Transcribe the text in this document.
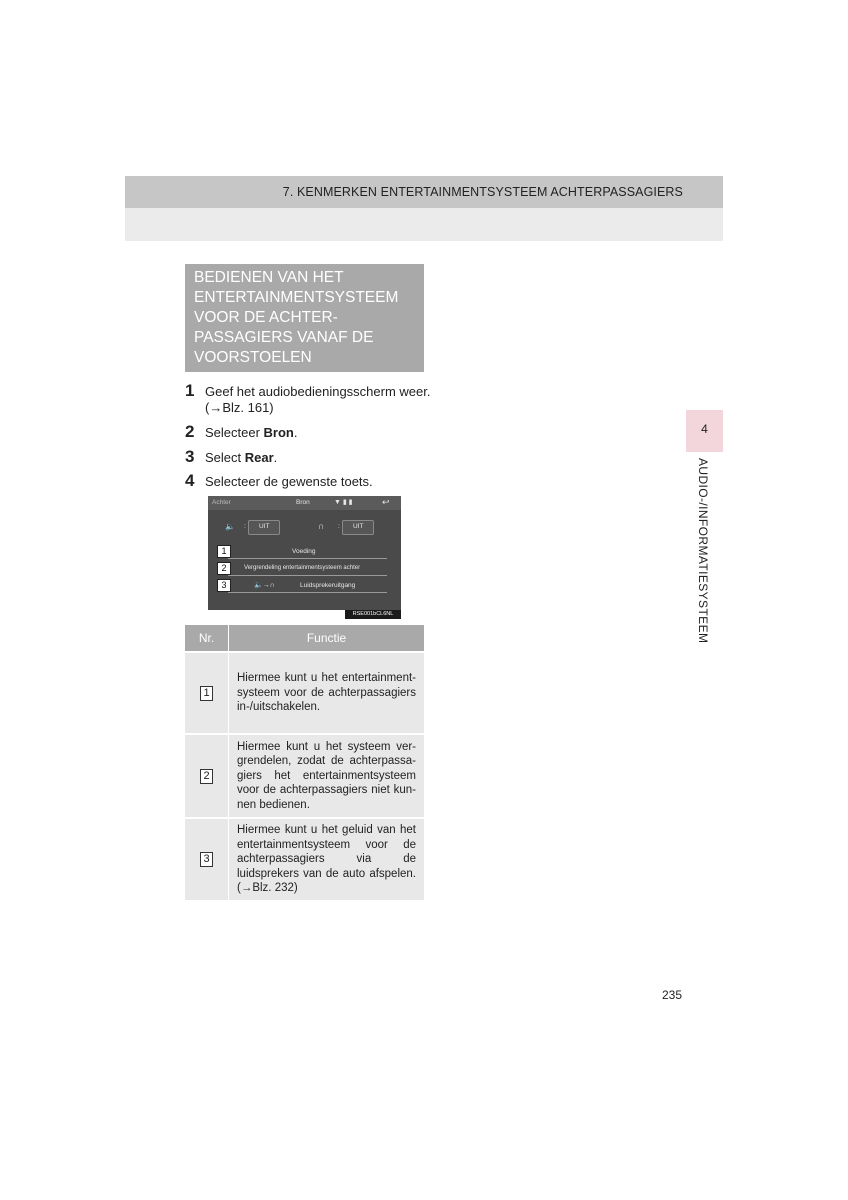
7. KENMERKEN ENTERTAINMENTSYSTEEM ACHTERPASSAGIERS
4
AUDIO-/INFORMATIESYSTEEM
BEDIENEN VAN HET
ENTERTAINMENTSYSTEEM
VOOR DE ACHTER-
PASSAGIERS VANAF DE
VOORSTOELEN
1 Geef het audiobedieningsscherm weer.
(→Blz. 161)
2 Selecteer Bron.
3 Select Rear.
4 Selecteer de gewenste toets.
Achter	Bron	▼ ▮ ▮	↩
🔈 : UIT	∩ : UIT
1	Voeding
2	Vergrendeling entertainmentsysteem achter
3	🔈→∩	Luidsprekeruitgang
RSE001bCL6NL
Nr.	Functie
1	Hiermee kunt u het entertainment-systeem voor de achterpassagiers in-/uitschakelen.
2	Hiermee kunt u het systeem ver-grendelen, zodat de achterpassa-giers het entertainmentsysteem voor de achterpassagiers niet kun-nen bedienen.
3	Hiermee kunt u het geluid van het entertainmentsysteem voor de achterpassagiers via de luidsprekers van de auto afspelen. (→Blz. 232)
235
